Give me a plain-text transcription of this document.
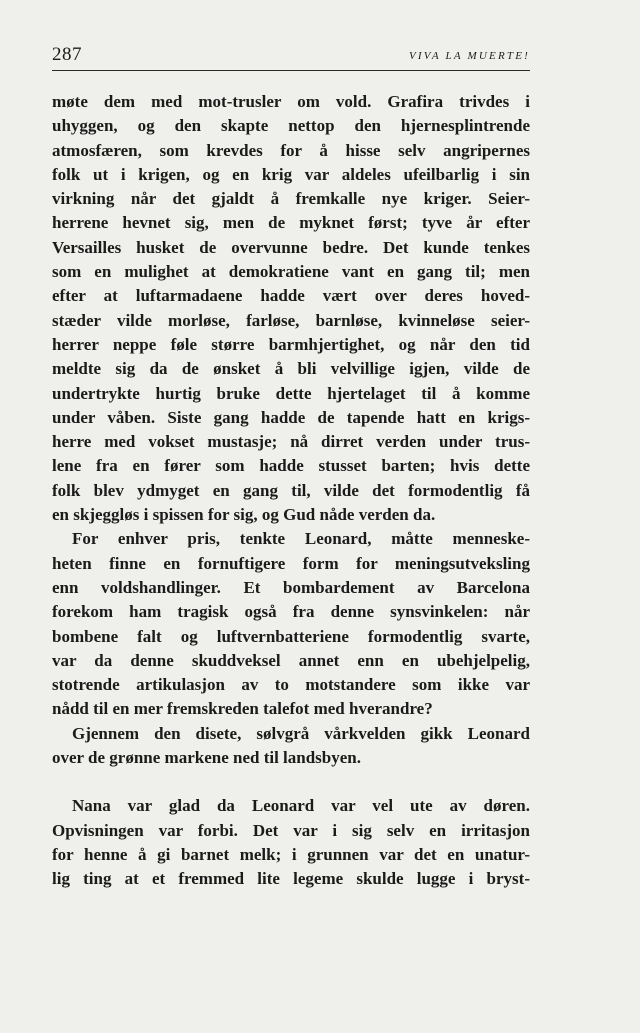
287	VIVA LA MUERTE!
møte dem med mot-trusler om vold. Grafira trivdes i
uhyggen, og den skapte nettop den hjernesplintrende
atmosfæren, som krevdes for å hisse selv angripernes
folk ut i krigen, og en krig var aldeles ufeilbarlig i sin
virkning når det gjaldt å fremkalle nye kriger. Seier-
herrene hevnet sig, men de myknet først; tyve år efter
Versailles husket de overvunne bedre. Det kunde tenkes
som en mulighet at demokratiene vant en gang til; men
efter at luftarmadaene hadde vært over deres hoved-
stæder vilde morløse, farløse, barnløse, kvinneløse seier-
herrer neppe føle større barmhjertighet, og når den tid
meldte sig da de ønsket å bli velvillige igjen, vilde de
undertrykte hurtig bruke dette hjertelaget til å komme
under våben. Siste gang hadde de tapende hatt en krigs-
herre med vokset mustasje; nå dirret verden under trus-
lene fra en fører som hadde stusset barten; hvis dette
folk blev ydmyget en gang til, vilde det formodentlig få
en skjeggløs i spissen for sig, og Gud nåde verden da.
For enhver pris, tenkte Leonard, måtte menneske-
heten finne en fornuftigere form for meningsutveksling
enn voldshandlinger. Et bombardement av Barcelona
forekom ham tragisk også fra denne synsvinkelen: når
bombene falt og luftvernbatteriene formodentlig svarte,
var da denne skuddveksel annet enn en ubehjelpelig,
stotrende artikulasjon av to motstandere som ikke var
nådd til en mer fremskreden talefot med hverandre?
Gjennem den disete, sølvgrå vårkvelden gikk Leonard
over de grønne markene ned til landsbyen.
Nana var glad da Leonard var vel ute av døren.
Opvisningen var forbi. Det var i sig selv en irritasjon
for henne å gi barnet melk; i grunnen var det en unatur-
lig ting at et fremmed lite legeme skulde lugge i bryst-
